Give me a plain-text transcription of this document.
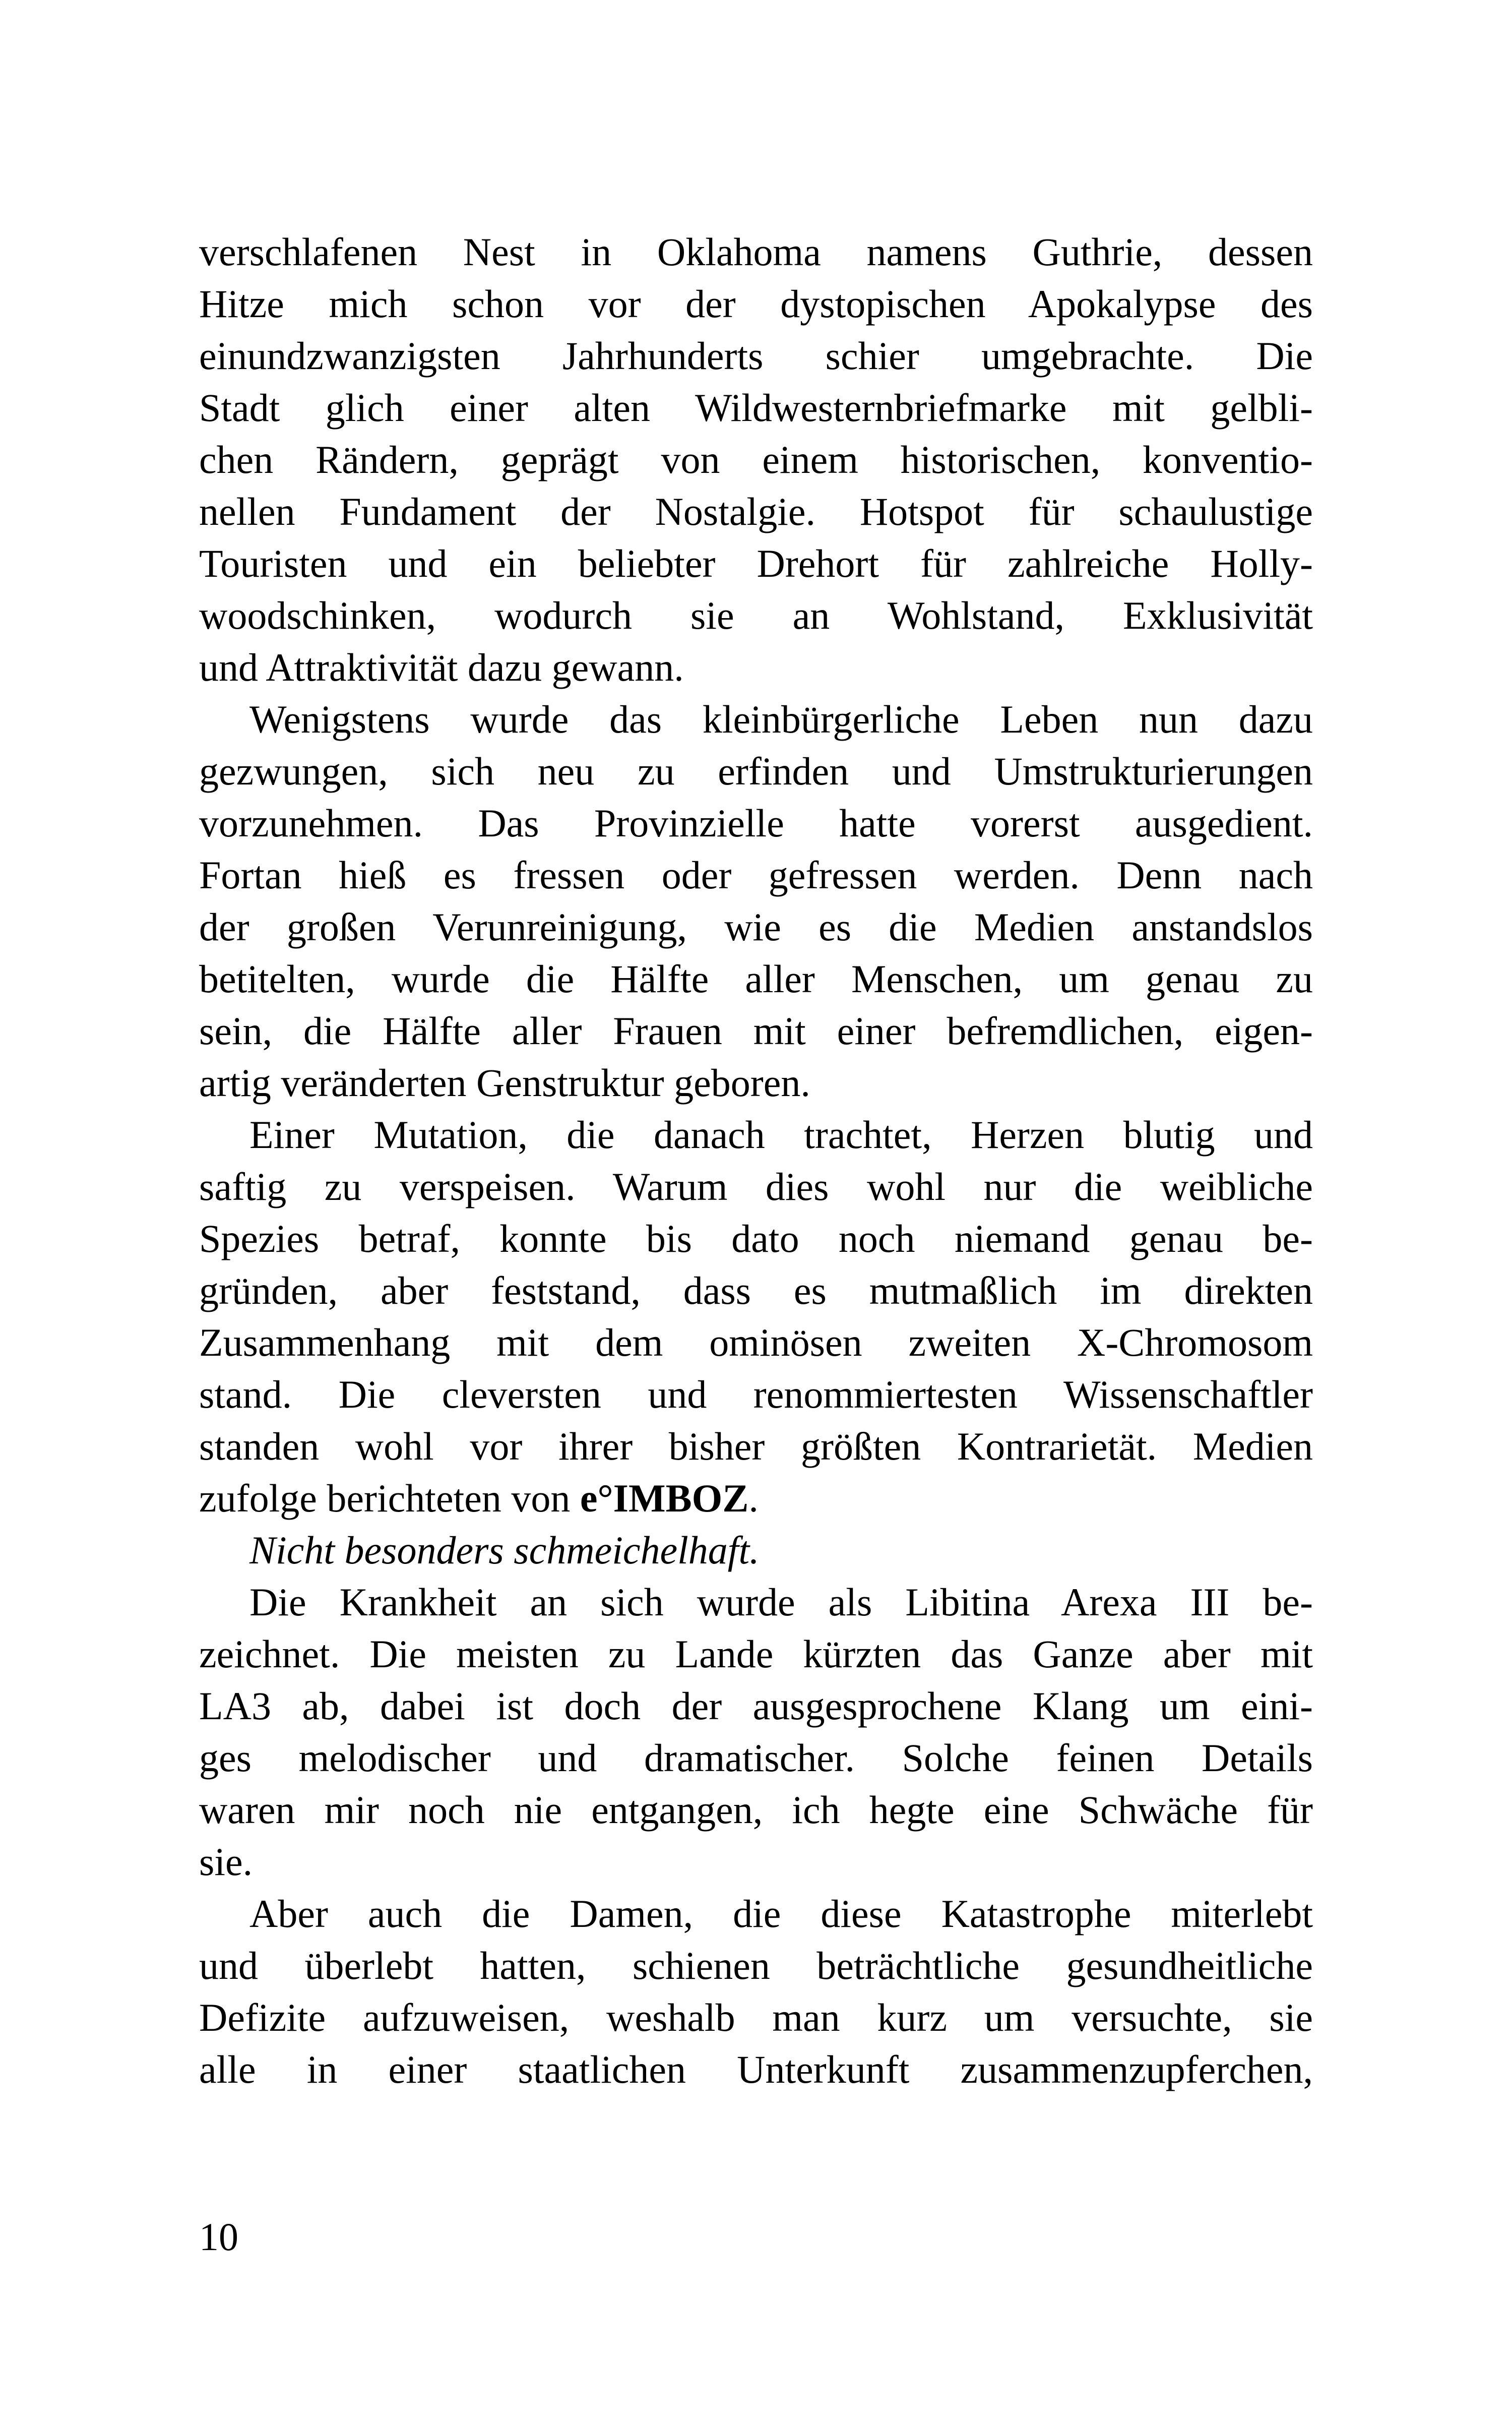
verschlafenen Nest in Oklahoma namens Guthrie, dessen
Hitze mich schon vor der dystopischen Apokalypse des
einundzwanzigsten Jahrhunderts schier umgebrachte. Die
Stadt glich einer alten Wildwesternbriefmarke mit gelbli-
chen Rändern, geprägt von einem historischen, konventio-
nellen Fundament der Nostalgie. Hotspot für schaulustige
Touristen und ein beliebter Drehort für zahlreiche Holly-
woodschinken, wodurch sie an Wohlstand, Exklusivität
und Attraktivität dazu gewann.
Wenigstens wurde das kleinbürgerliche Leben nun dazu
gezwungen, sich neu zu erfinden und Umstrukturierungen
vorzunehmen. Das Provinzielle hatte vorerst ausgedient.
Fortan hieß es fressen oder gefressen werden. Denn nach
der großen Verunreinigung, wie es die Medien anstandslos
betitelten, wurde die Hälfte aller Menschen, um genau zu
sein, die Hälfte aller Frauen mit einer befremdlichen, eigen-
artig veränderten Genstruktur geboren.
Einer Mutation, die danach trachtet, Herzen blutig und
saftig zu verspeisen. Warum dies wohl nur die weibliche
Spezies betraf, konnte bis dato noch niemand genau be-
gründen, aber feststand, dass es mutmaßlich im direkten
Zusammenhang mit dem ominösen zweiten X-Chromosom
stand. Die cleversten und renommiertesten Wissenschaftler
standen wohl vor ihrer bisher größten Kontrarietät. Medien
zufolge berichteten von e°IMBOZ.
Nicht besonders schmeichelhaft.
Die Krankheit an sich wurde als Libitina Arexa III be-
zeichnet. Die meisten zu Lande kürzten das Ganze aber mit
LA3 ab, dabei ist doch der ausgesprochene Klang um eini-
ges melodischer und dramatischer. Solche feinen Details
waren mir noch nie entgangen, ich hegte eine Schwäche für
sie.
Aber auch die Damen, die diese Katastrophe miterlebt
und überlebt hatten, schienen beträchtliche gesundheitliche
Defizite aufzuweisen, weshalb man kurz um versuchte, sie
alle in einer staatlichen Unterkunft zusammenzupferchen,
10
